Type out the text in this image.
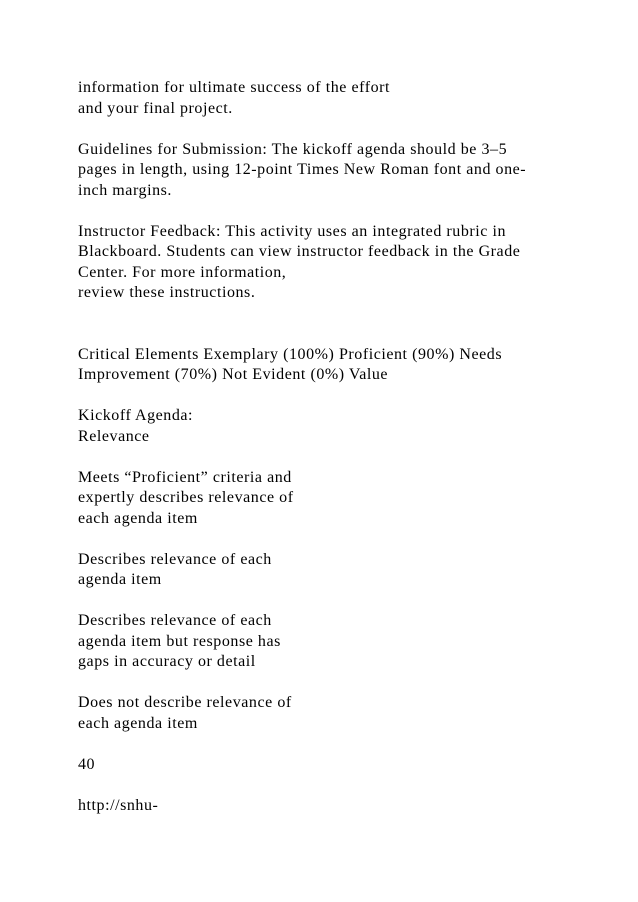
information for ultimate success of the effort
and your final project.
Guidelines for Submission: The kickoff agenda should be 3–5
pages in length, using 12-point Times New Roman font and one-
inch margins.
Instructor Feedback: This activity uses an integrated rubric in
Blackboard. Students can view instructor feedback in the Grade
Center. For more information,
review these instructions.
Critical Elements Exemplary (100%) Proficient (90%) Needs
Improvement (70%) Not Evident (0%) Value
Kickoff Agenda:
Relevance
Meets “Proficient” criteria and
expertly describes relevance of
each agenda item
Describes relevance of each
agenda item
Describes relevance of each
agenda item but response has
gaps in accuracy or detail
Does not describe relevance of
each agenda item
40
http://snhu-
